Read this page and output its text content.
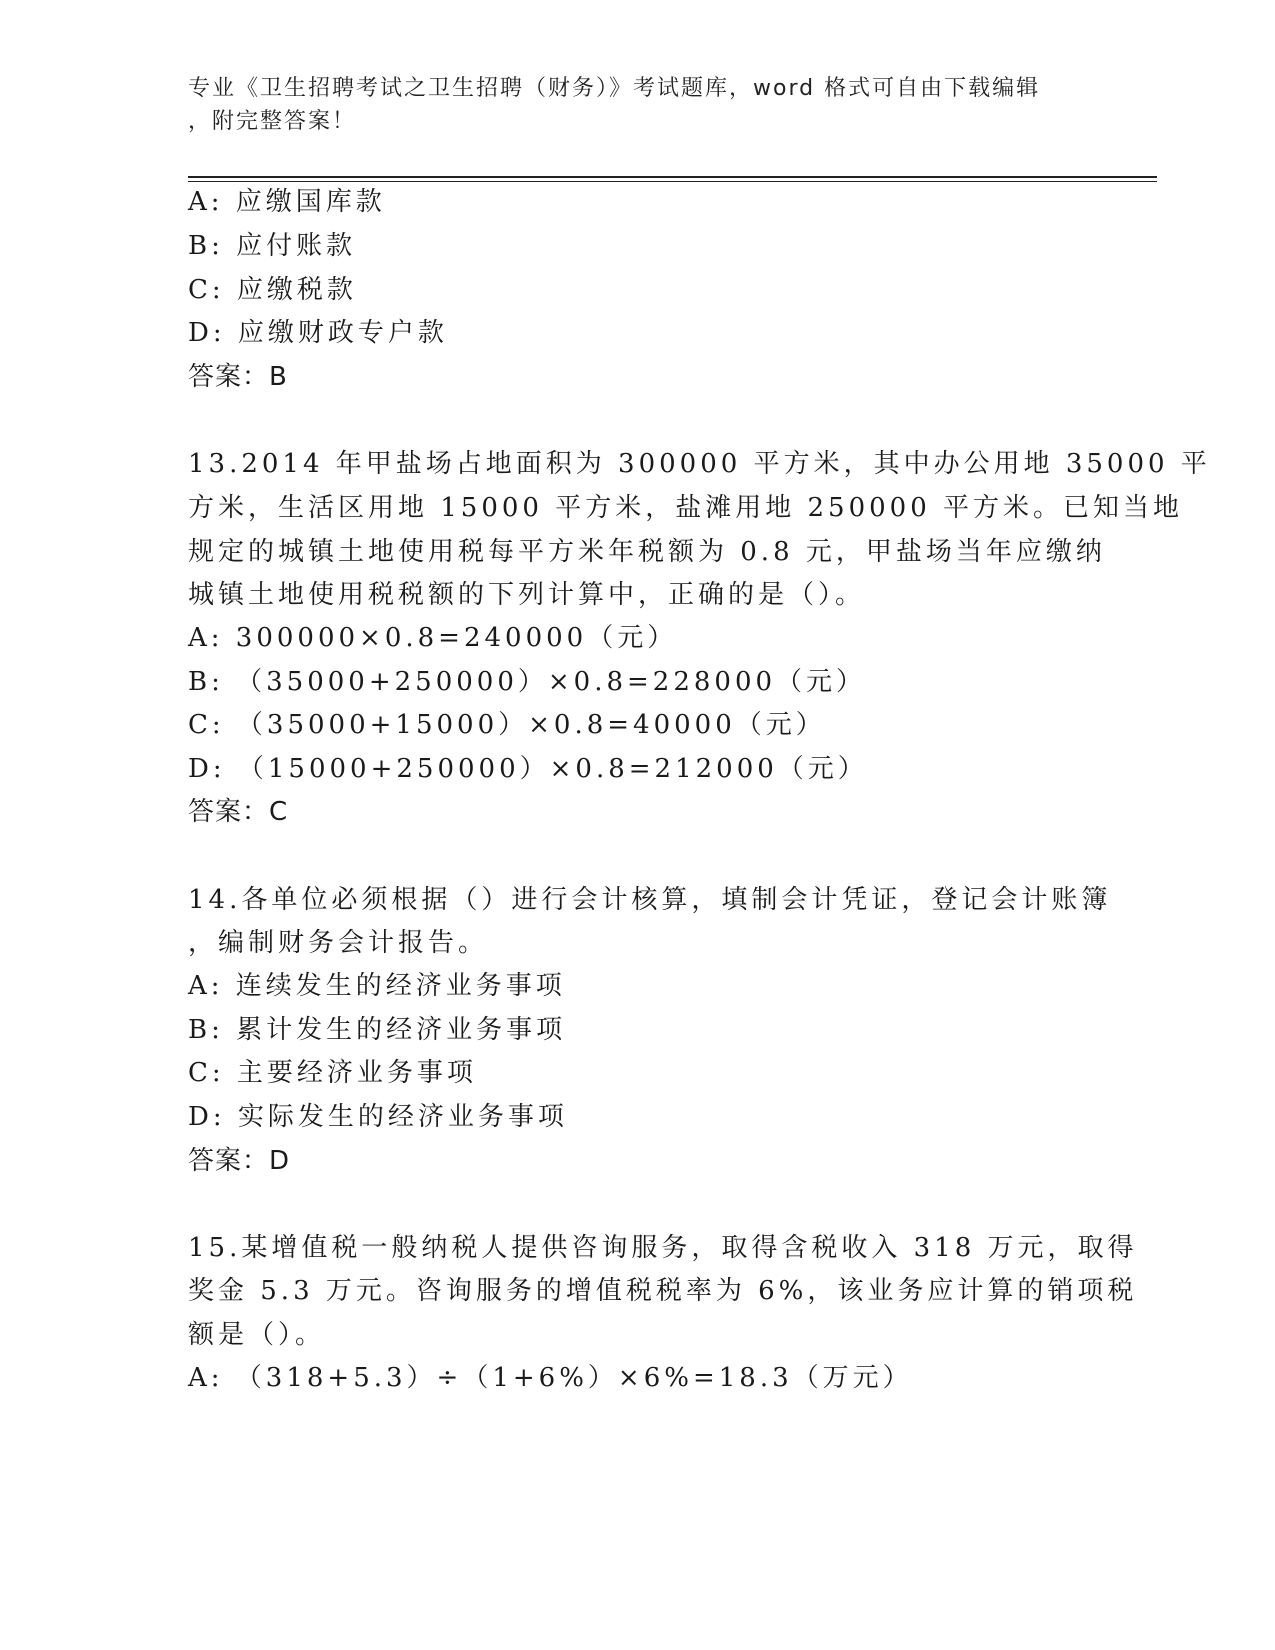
专业《卫生招聘考试之卫生招聘（财务）》考试题库，word 格式可自由下载编辑
，附完整答案！
A: 应缴国库款
B: 应付账款
C: 应缴税款
D: 应缴财政专户款
答案：B
13.2014 年甲盐场占地面积为 300000 平方米，其中办公用地 35000 平
方米，生活区用地 15000 平方米，盐滩用地 250000 平方米。已知当地
规定的城镇土地使用税每平方米年税额为 0.8 元，甲盐场当年应缴纳
城镇土地使用税税额的下列计算中，正确的是（）。
A: 300000×0.8=240000（元）
B: （35000+250000）×0.8=228000（元）
C: （35000+15000）×0.8=40000（元）
D: （15000+250000）×0.8=212000（元）
答案：C
14.各单位必须根据（）进行会计核算，填制会计凭证，登记会计账簿
，编制财务会计报告。
A: 连续发生的经济业务事项
B: 累计发生的经济业务事项
C: 主要经济业务事项
D: 实际发生的经济业务事项
答案：D
15.某增值税一般纳税人提供咨询服务，取得含税收入 318 万元，取得
奖金 5.3 万元。咨询服务的增值税税率为 6%，该业务应计算的销项税
额是（）。
A: （318+5.3）÷（1+6%）×6%=18.3（万元）
